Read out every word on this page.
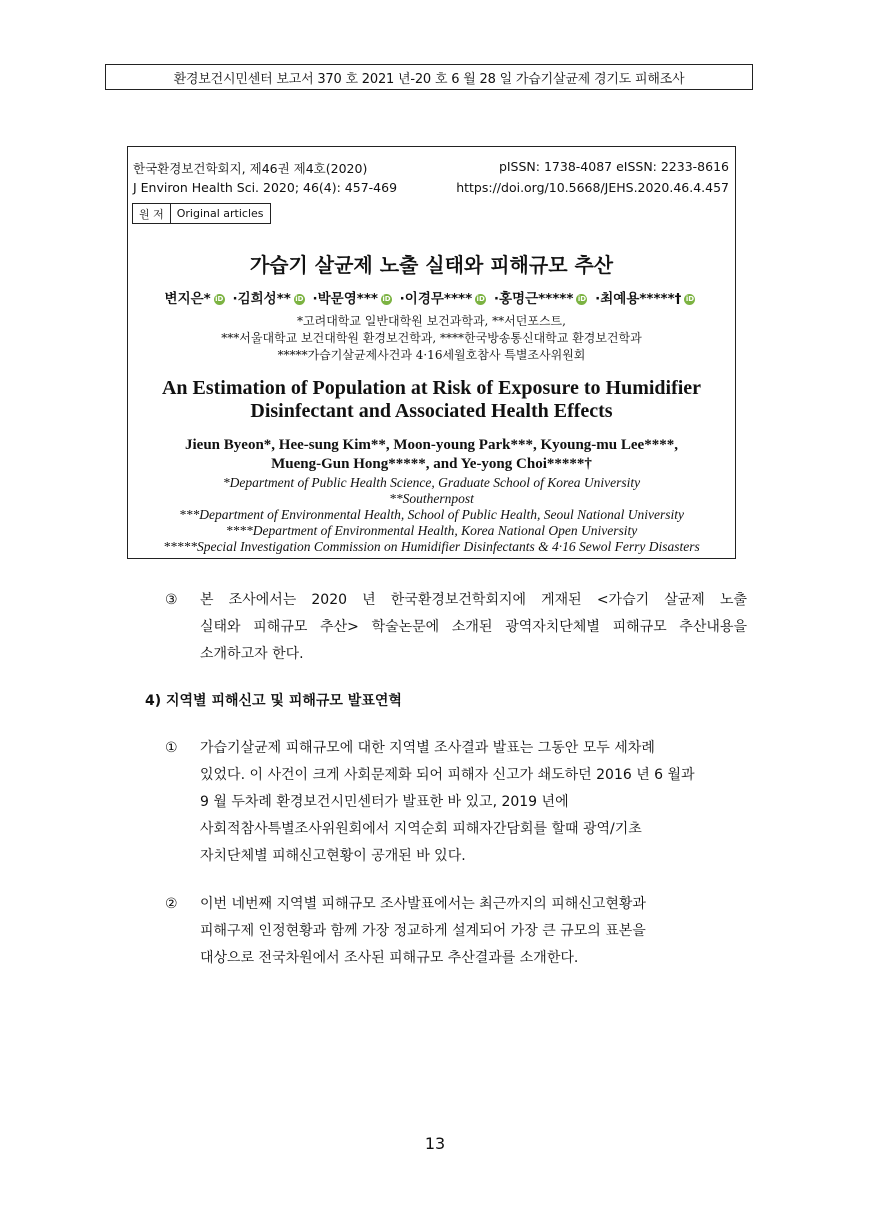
환경보건시민센터 보고서 370 호 2021 년-20 호 6 월 28 일 가습기살균제 경기도 피해조사
한국환경보건학회지, 제46권 제4호(2020)
J Environ Health Sci. 2020; 46(4): 457-469
pISSN: 1738-4087 eISSN: 2233-8616
https://doi.org/10.5668/JEHS.2020.46.4.457
원 저	Original articles
가습기 살균제 노출 실태와 피해규모 추산
변지은* iD ·김희성** iD ·박문영*** iD ·이경무**** iD ·홍명근***** iD ·최예용*****† iD
*고려대학교 일반대학원 보건과학과, **서던포스트,
***서울대학교 보건대학원 환경보건학과, ****한국방송통신대학교 환경보건학과
*****가습기살균제사건과 4·16세월호참사 특별조사위원회
An Estimation of Population at Risk of Exposure to Humidifier
Disinfectant and Associated Health Effects
Jieun Byeon*, Hee-sung Kim**, Moon-young Park***, Kyoung-mu Lee****,
Mueng-Gun Hong*****, and Ye-yong Choi*****†
*Department of Public Health Science, Graduate School of Korea University
**Southernpost
***Department of Environmental Health, School of Public Health, Seoul National University
****Department of Environmental Health, Korea National Open University
*****Special Investigation Commission on Humidifier Disinfectants & 4·16 Sewol Ferry Disasters
③ 본 조사에서는 2020 년 한국환경보건학회지에 게재된 <가습기 살균제 노출
실태와 피해규모 추산> 학술논문에 소개된 광역자치단체별 피해규모 추산내용을
소개하고자 한다.
4) 지역별 피해신고 및 피해규모 발표연혁
① 가습기살균제 피해규모에 대한 지역별 조사결과 발표는 그동안 모두 세차례
있었다. 이 사건이 크게 사회문제화 되어 피해자 신고가 쇄도하던 2016 년 6 월과
9 월 두차례 환경보건시민센터가 발표한 바 있고, 2019 년에
사회적참사특별조사위원회에서 지역순회 피해자간담회를 할때 광역/기초
자치단체별 피해신고현황이 공개된 바 있다.
② 이번 네번째 지역별 피해규모 조사발표에서는 최근까지의 피해신고현황과
피해구제 인정현황과 함께 가장 정교하게 설계되어 가장 큰 규모의 표본을
대상으로 전국차원에서 조사된 피해규모 추산결과를 소개한다.
13
